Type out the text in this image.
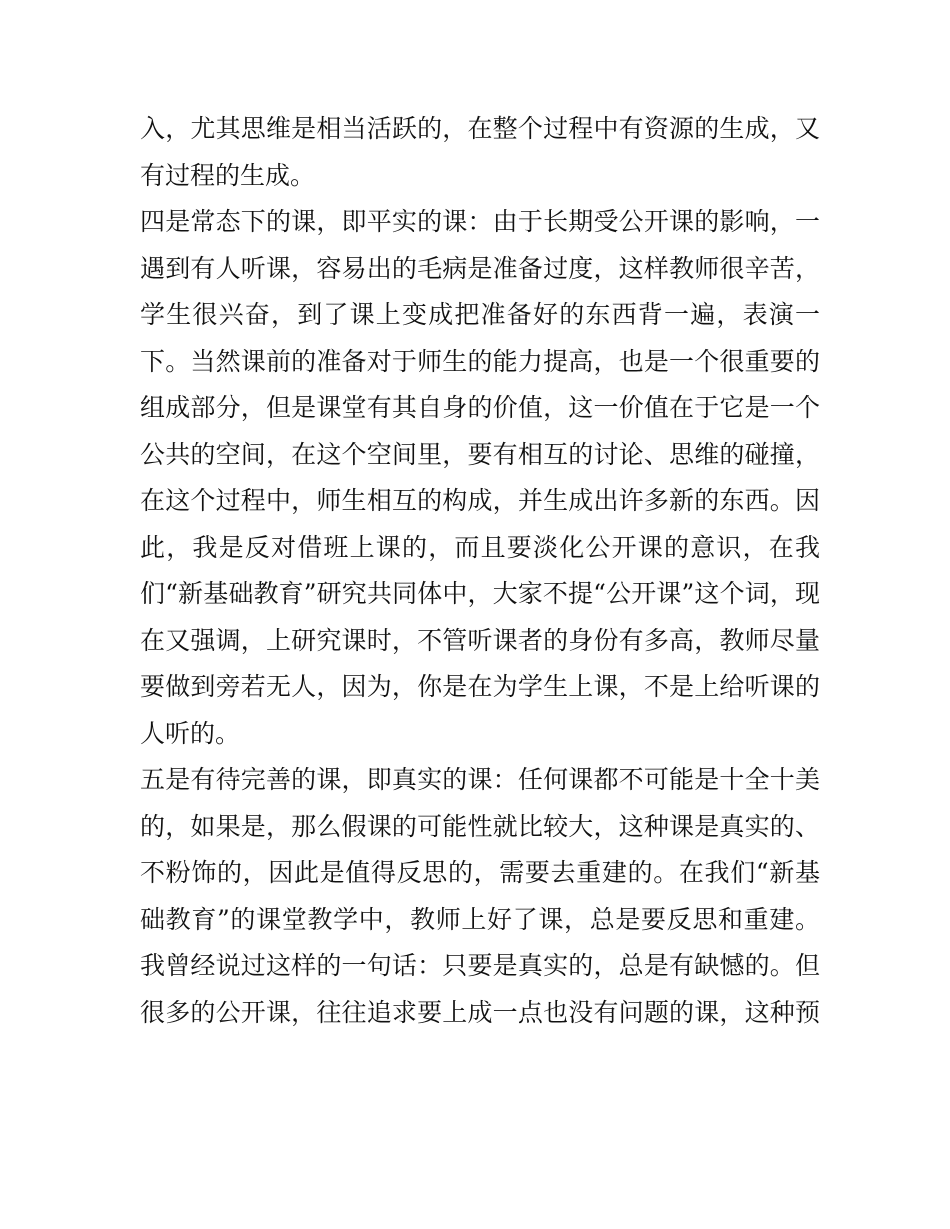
入，尤其思维是相当活跃的，在整个过程中有资源的生成，又
有过程的生成。
四是常态下的课，即平实的课：由于长期受公开课的影响，一
遇到有人听课，容易出的毛病是准备过度，这样教师很辛苦，
学生很兴奋，到了课上变成把准备好的东西背一遍，表演一
下。当然课前的准备对于师生的能力提高，也是一个很重要的
组成部分，但是课堂有其自身的价值，这一价值在于它是一个
公共的空间，在这个空间里，要有相互的讨论、思维的碰撞，
在这个过程中，师生相互的构成，并生成出许多新的东西。因
此，我是反对借班上课的，而且要淡化公开课的意识，在我
们“新基础教育”研究共同体中，大家不提“公开课”这个词，现
在又强调，上研究课时，不管听课者的身份有多高，教师尽量
要做到旁若无人，因为，你是在为学生上课，不是上给听课的
人听的。
五是有待完善的课，即真实的课：任何课都不可能是十全十美
的，如果是，那么假课的可能性就比较大，这种课是真实的、
不粉饰的，因此是值得反思的，需要去重建的。在我们“新基
础教育”的课堂教学中，教师上好了课，总是要反思和重建。
我曾经说过这样的一句话：只要是真实的，总是有缺憾的。但
很多的公开课，往往追求要上成一点也没有问题的课，这种预
